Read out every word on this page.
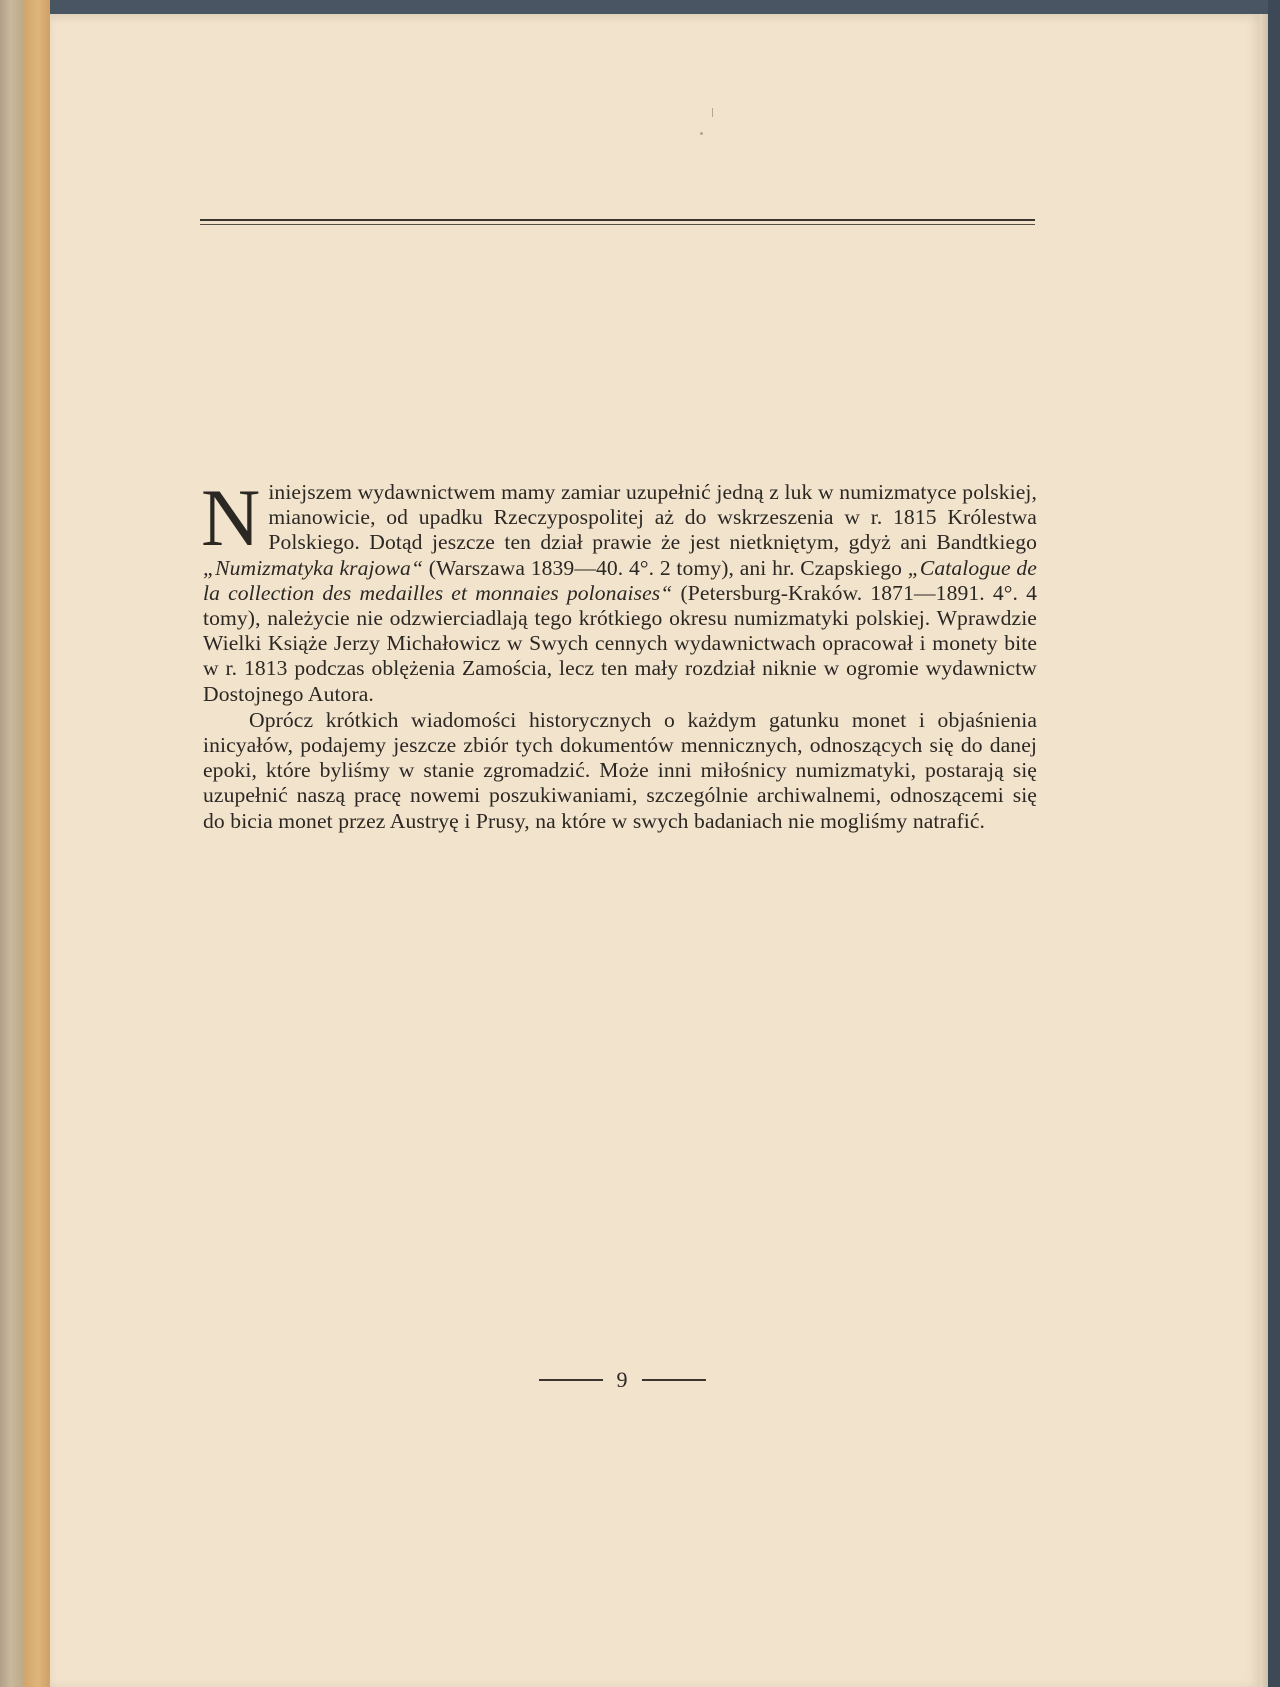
Niniejszem wydawnictwem mamy zamiar uzupełnić jedną z luk w numizmatyce polskiej, mianowicie, od upadku Rzeczypospolitej aż do wskrzeszenia w r. 1815 Królestwa Polskiego. Dotąd jeszcze ten dział prawie że jest nietkniętym, gdyż ani Bandtkiego „Numizmatyka krajowa“ (Warszawa 1839—40. 4°. 2 tomy), ani hr. Czapskiego „Catalogue de la collection des medailles et monnaies polonaises“ (Petersburg-Kraków. 1871—1891. 4°. 4 tomy), należycie nie odzwierciadlają tego krótkiego okresu numizmatyki polskiej. Wprawdzie Wielki Książe Jerzy Michałowicz w Swych cennych wydawnictwach opracował i monety bite w r. 1813 podczas oblężenia Zamościa, lecz ten mały rozdział niknie w ogromie wydawnictw Dostojnego Autora.

Oprócz krótkich wiadomości historycznych o każdym gatunku monet i objaśnienia inicyałów, podajemy jeszcze zbiór tych dokumentów mennicznych, odnoszących się do danej epoki, które byliśmy w stanie zgromadzić. Może inni miłośnicy numizmatyki, postarają się uzupełnić naszą pracę nowemi poszukiwaniami, szczególnie archiwalnemi, odnoszącemi się do bicia monet przez Austryę i Prusy, na które w swych badaniach nie mogliśmy natrafić.

9
